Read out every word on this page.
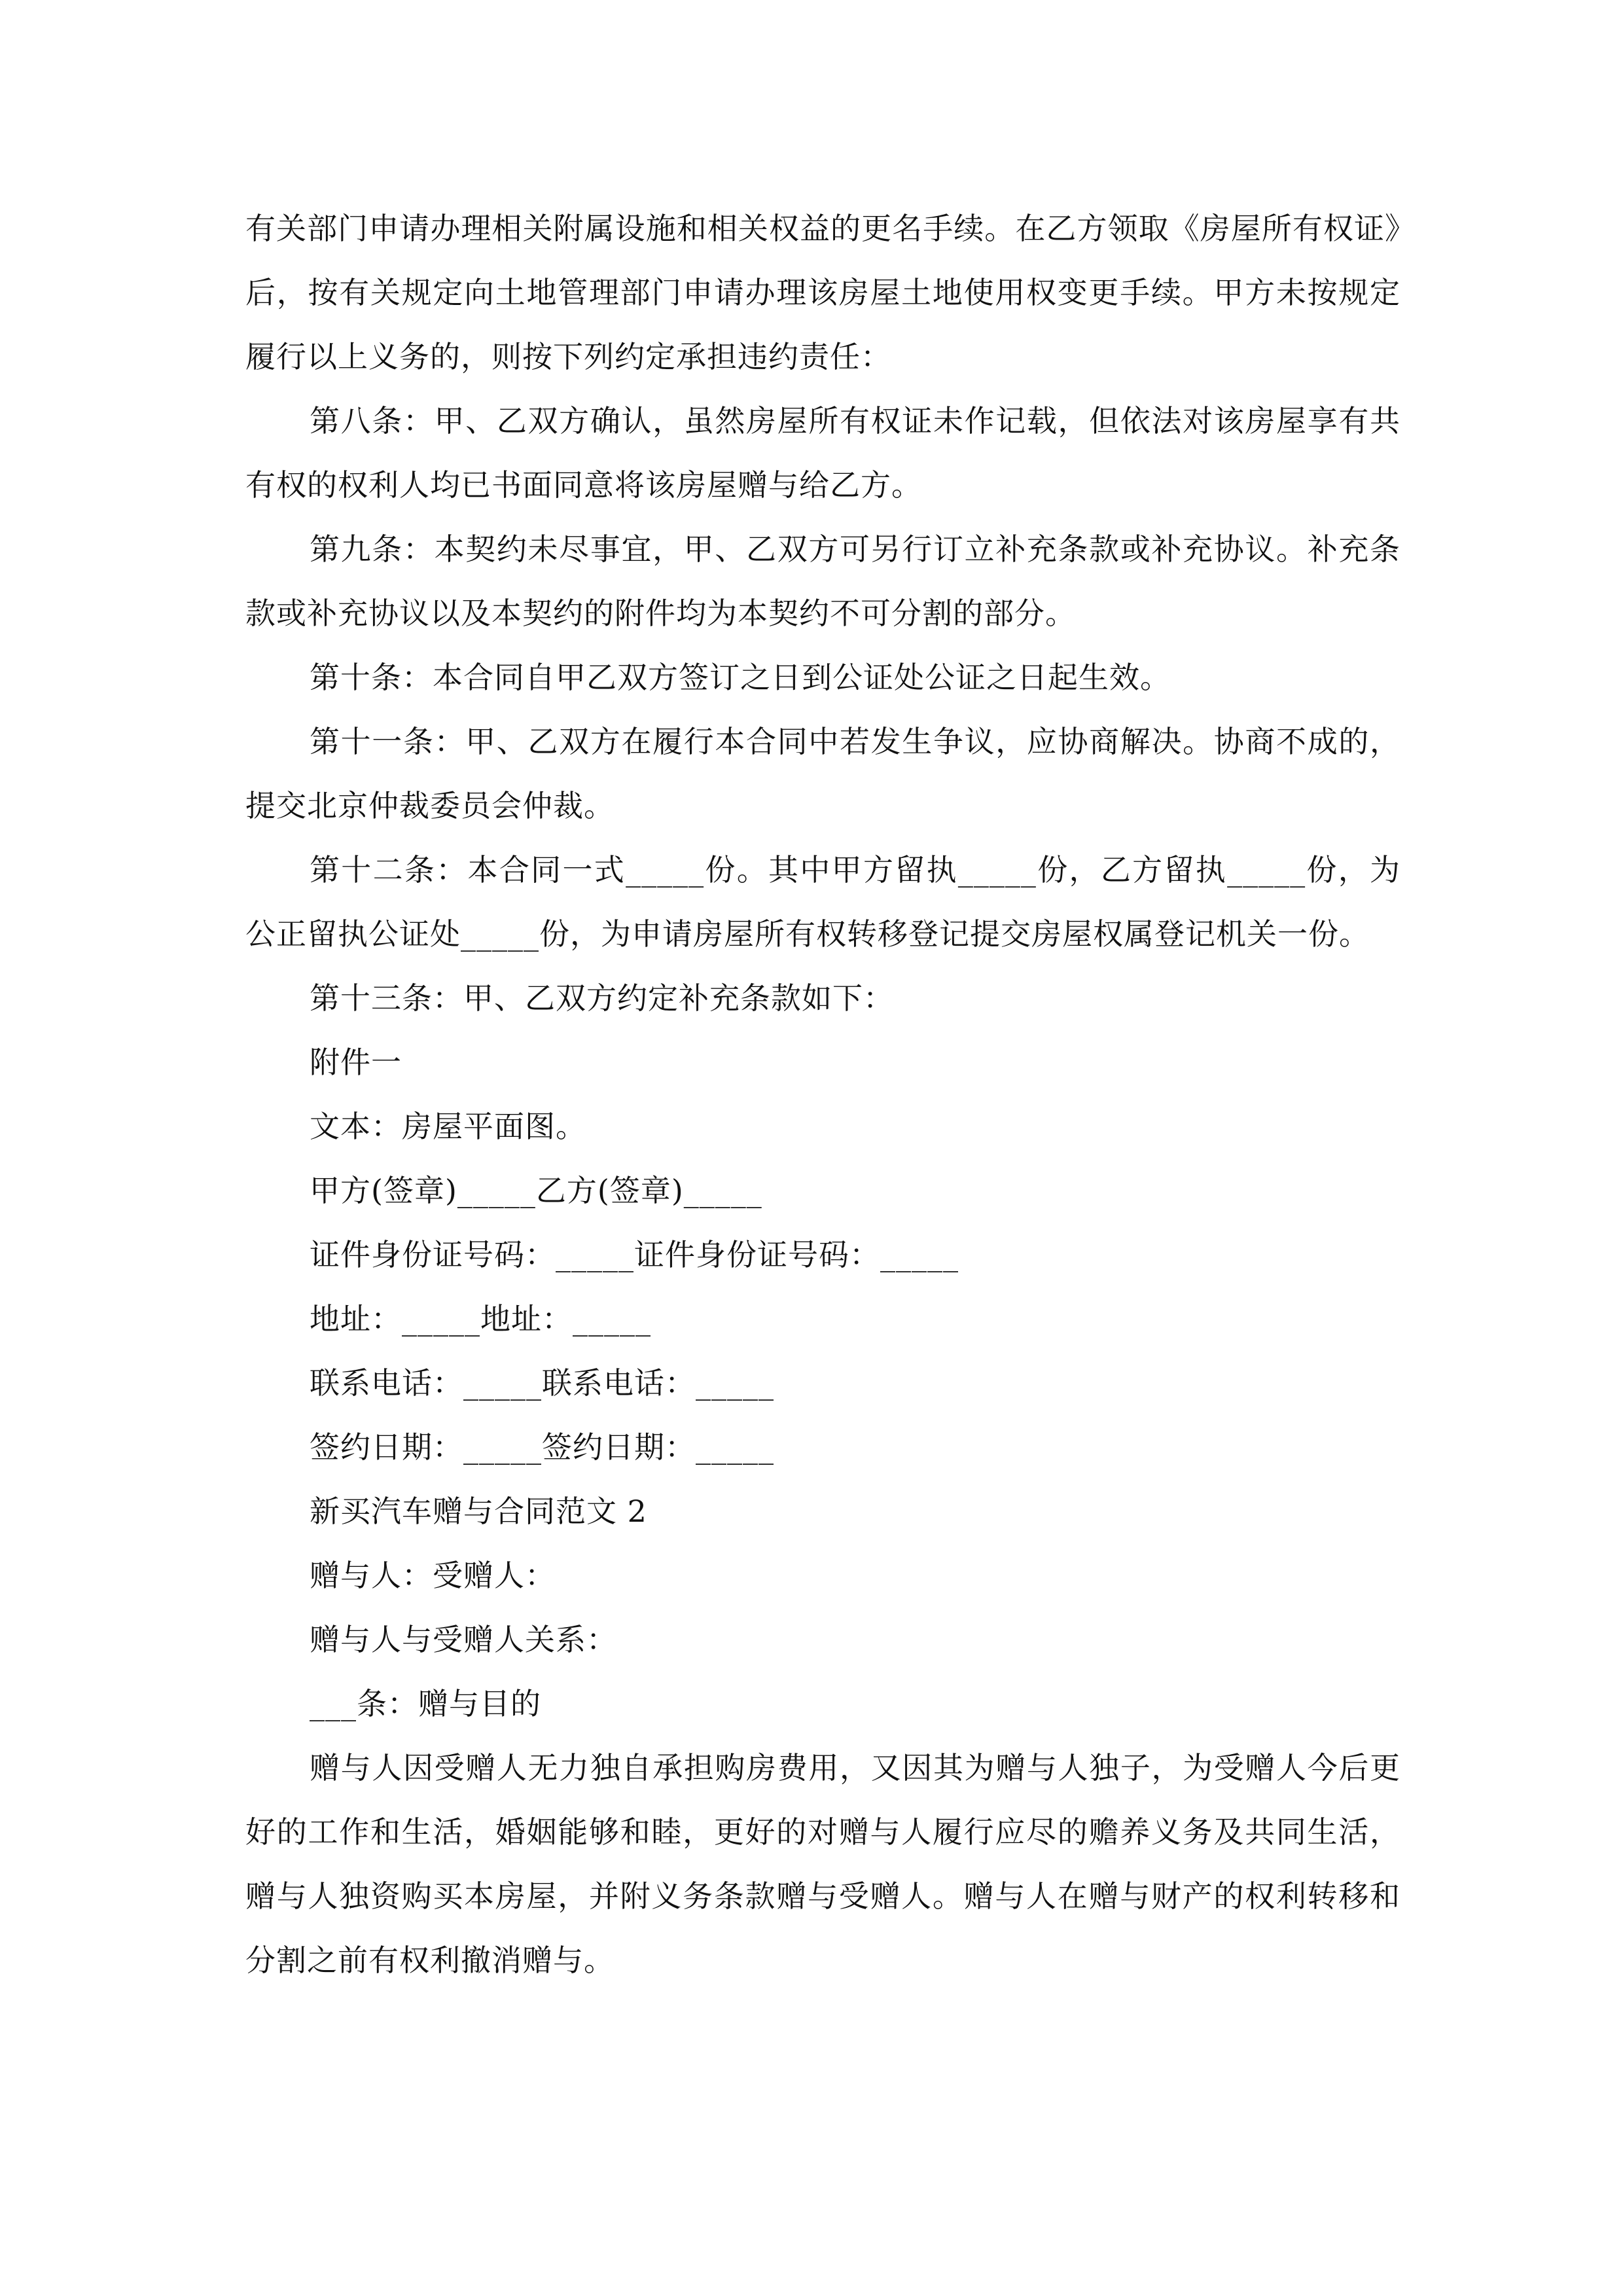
有关部门申请办理相关附属设施和相关权益的更名手续。在乙方领取《房屋所有权证》后，按有关规定向土地管理部门申请办理该房屋土地使用权变更手续。甲方未按规定履行以上义务的，则按下列约定承担违约责任：

第八条：甲、乙双方确认，虽然房屋所有权证未作记载，但依法对该房屋享有共有权的权利人均已书面同意将该房屋赠与给乙方。

第九条：本契约未尽事宜，甲、乙双方可另行订立补充条款或补充协议。补充条款或补充协议以及本契约的附件均为本契约不可分割的部分。

第十条：本合同自甲乙双方签订之日到公证处公证之日起生效。

第十一条：甲、乙双方在履行本合同中若发生争议，应协商解决。协商不成的，提交北京仲裁委员会仲裁。

第十二条：本合同一式_____份。其中甲方留执_____份，乙方留执_____份，为公正留执公证处_____份，为申请房屋所有权转移登记提交房屋权属登记机关一份。

第十三条：甲、乙双方约定补充条款如下：

附件一

文本：房屋平面图。

甲方(签章)_____乙方(签章)_____

证件身份证号码：_____证件身份证号码：_____

地址：_____地址：_____

联系电话：_____联系电话：_____

签约日期：_____签约日期：_____

新买汽车赠与合同范文 2

赠与人：受赠人：

赠与人与受赠人关系：

___条：赠与目的

赠与人因受赠人无力独自承担购房费用，又因其为赠与人独子，为受赠人今后更好的工作和生活，婚姻能够和睦，更好的对赠与人履行应尽的赡养义务及共同生活，赠与人独资购买本房屋，并附义务条款赠与受赠人。赠与人在赠与财产的权利转移和分割之前有权利撤消赠与。
